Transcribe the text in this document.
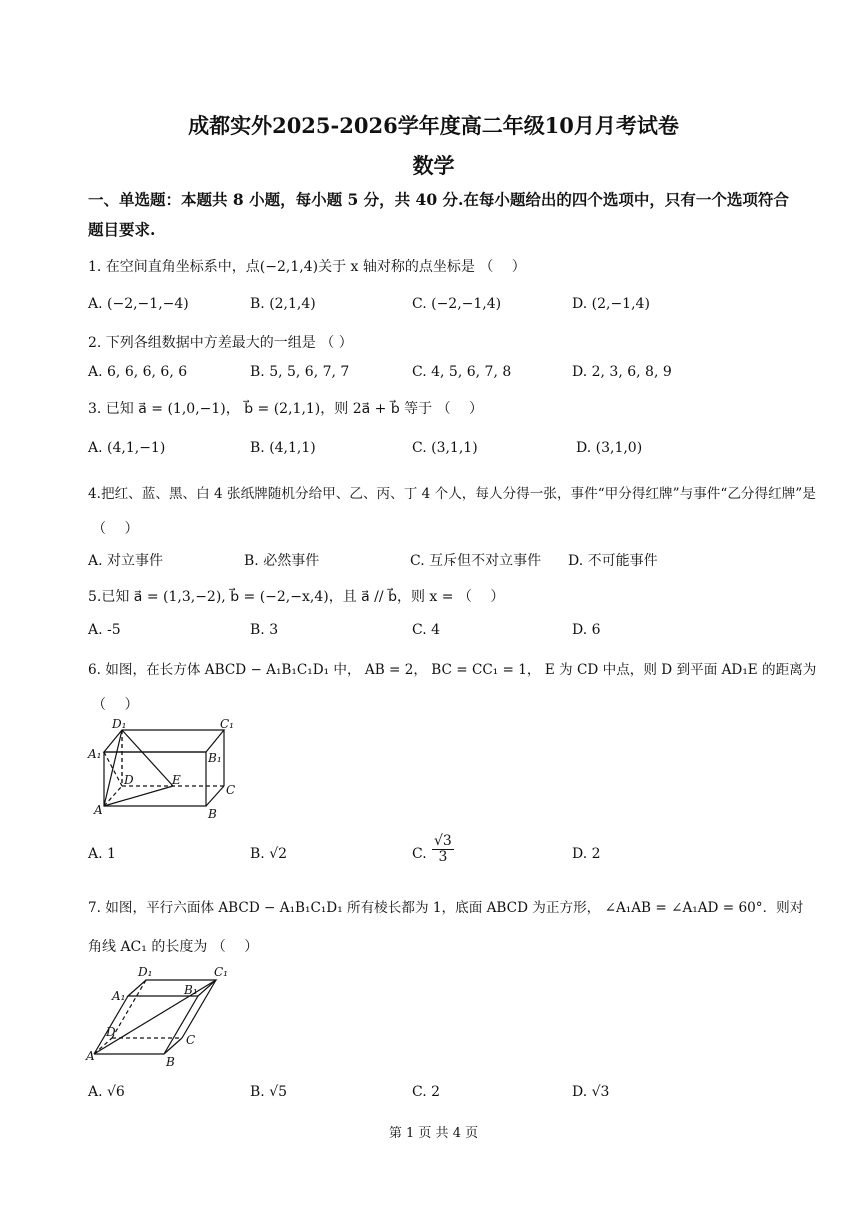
成都实外2025-2026学年度高二年级10月月考试卷
数学
一、单选题：本题共 8 小题，每小题 5 分，共 40 分.在每小题给出的四个选项中，只有一个选项符合
题目要求.
1. 在空间直角坐标系中，点(−2,1,4)关于 x 轴对称的点坐标是 （　 ）
A. (−2,−1,−4)	B. (2,1,4)	C. (−2,−1,4)	D. (2,−1,4)
2. 下列各组数据中方差最大的一组是 （ ）
A. 6, 6, 6, 6, 6	B. 5, 5, 6, 7, 7	C. 4, 5, 6, 7, 8	D. 2, 3, 6, 8, 9
3. 已知 a⃗ = (1,0,−1)， b⃗ = (2,1,1)，则 2a⃗ + b⃗ 等于 （　 ）
A. (4,1,−1)	B. (4,1,1)	C. (3,1,1)	D. (3,1,0)
4.把红、蓝、黑、白 4 张纸牌随机分给甲、乙、丙、丁 4 个人，每人分得一张，事件“甲分得红牌”与事件“乙分得红牌”是
（　 ）
A. 对立事件	B. 必然事件	C. 互斥但不对立事件 D. 不可能事件
5.已知 a⃗ = (1,3,−2), b⃗ = (−2,−x,4)，且 a⃗ // b⃗，则 x = （　 ）
A. -5	B. 3	C. 4	D. 6
6. 如图，在长方体 ABCD − A₁B₁C₁D₁ 中， AB = 2， BC = CC₁ = 1， E 为 CD 中点，则 D 到平面 AD₁E 的距离为
（　 ）
D₁	C₁
A₁	B₁
D	E
C
A	B
A. 1	B. √2	C. $\frac{√3}{3}$	D. 2
7. 如图，平行六面体 ABCD − A₁B₁C₁D₁ 所有棱长都为 1，底面 ABCD 为正方形， ∠A₁AB = ∠A₁AD = 60°．则对
角线 AC₁ 的长度为 （　 ）
D₁	C₁
A₁	B₁
D
C
A	B
A. √6	B. √5	C. 2	D. √3
第 1 页 共 4 页
